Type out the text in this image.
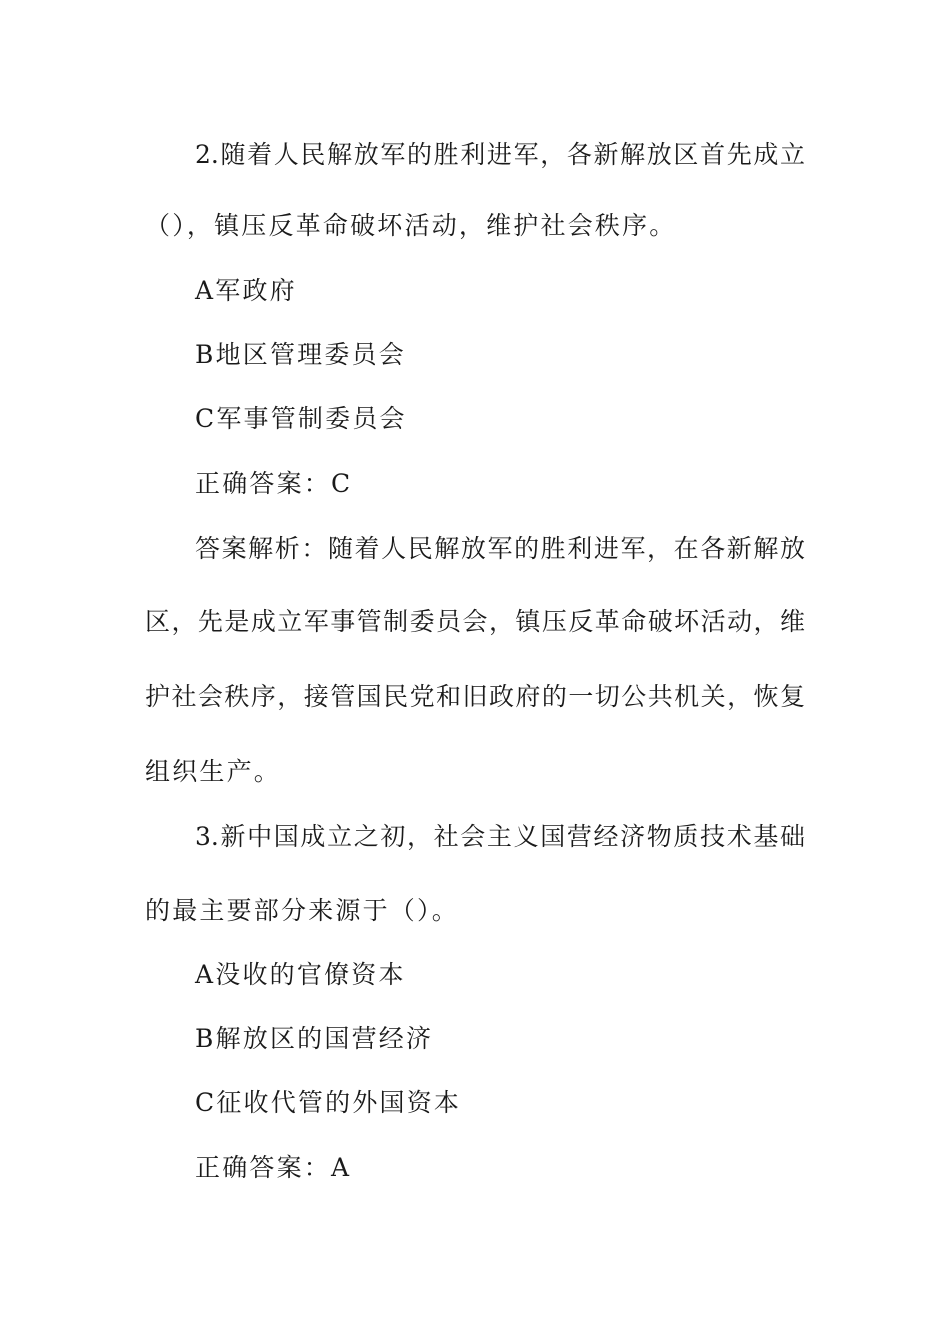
2.随着人民解放军的胜利进军，各新解放区首先成立
（），镇压反革命破坏活动，维护社会秩序。
A军政府
B地区管理委员会
C军事管制委员会
正确答案：C
答案解析：随着人民解放军的胜利进军，在各新解放
区，先是成立军事管制委员会，镇压反革命破坏活动，维
护社会秩序，接管国民党和旧政府的一切公共机关，恢复
组织生产。
3.新中国成立之初，社会主义国营经济物质技术基础
的最主要部分来源于（）。
A没收的官僚资本
B解放区的国营经济
C征收代管的外国资本
正确答案：A
